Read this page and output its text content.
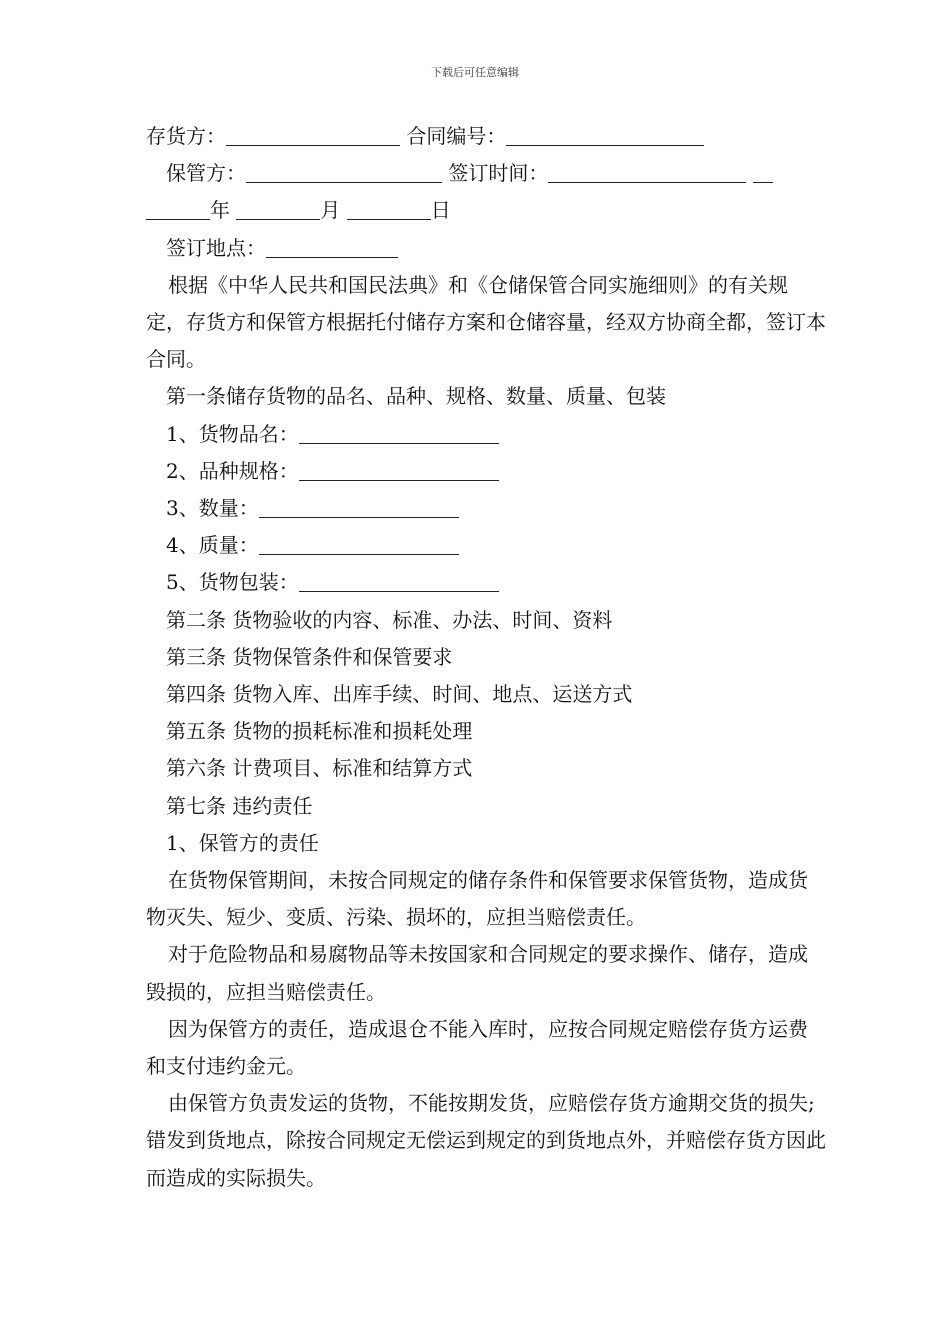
下载后可任意编辑
存货方：	合同编号：
保管方：	签订时间：
年	月	日
签订地点：

根据《中华人民共和国民法典》和《仓储保管合同实施细则》的有关规定，存货方和保管方根据托付储存方案和仓储容量，经双方协商全都，签订本合同。

第一条储存货物的品名、品种、规格、数量、质量、包装
1、货物品名：
2、品种规格：
3、数量：
4、质量：
5、货物包装：
第二条 货物验收的内容、标准、办法、时间、资料
第三条 货物保管条件和保管要求
第四条 货物入库、出库手续、时间、地点、运送方式
第五条 货物的损耗标准和损耗处理
第六条 计费项目、标准和结算方式
第七条 违约责任
1、保管方的责任

在货物保管期间，未按合同规定的储存条件和保管要求保管货物，造成货物灭失、短少、变质、污染、损坏的，应担当赔偿责任。

对于危险物品和易腐物品等未按国家和合同规定的要求操作、储存，造成毁损的，应担当赔偿责任。

因为保管方的责任，造成退仓不能入库时，应按合同规定赔偿存货方运费和支付违约金元。

由保管方负责发运的货物，不能按期发货，应赔偿存货方逾期交货的损失;错发到货地点，除按合同规定无偿运到规定的到货地点外，并赔偿存货方因此而造成的实际损失。
